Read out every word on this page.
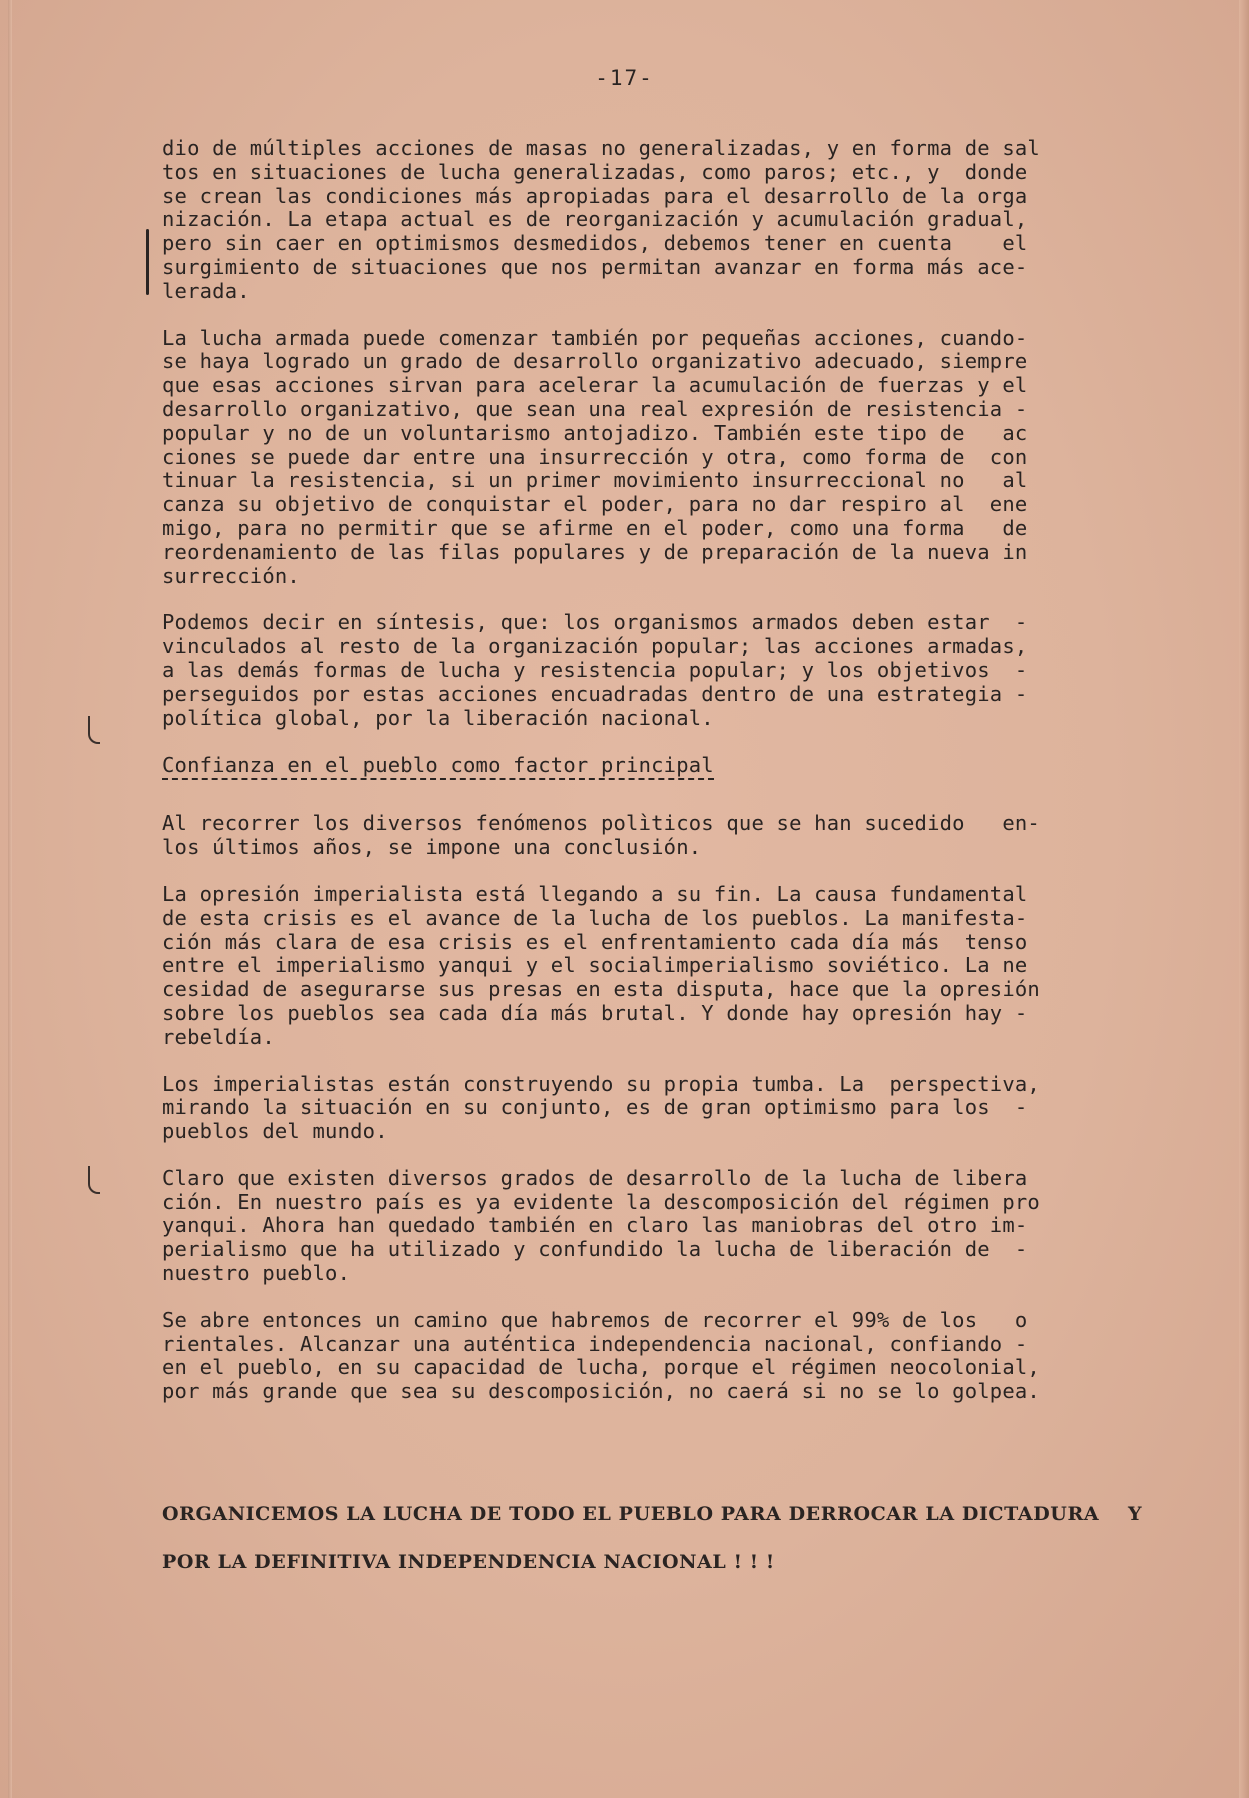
-17-
dio de múltiples acciones de masas no generalizadas, y en forma de sal
tos en situaciones de lucha generalizadas, como paros; etc., y  donde
se crean las condiciones más apropiadas para el desarrollo de la orga
nización. La etapa actual es de reorganización y acumulación gradual,
pero sin caer en optimismos desmedidos, debemos tener en cuenta    el
surgimiento de situaciones que nos permitan avanzar en forma más ace-
lerada.
La lucha armada puede comenzar también por pequeñas acciones, cuando-
se haya logrado un grado de desarrollo organizativo adecuado, siempre
que esas acciones sirvan para acelerar la acumulación de fuerzas y el
desarrollo organizativo, que sean una real expresión de resistencia -
popular y no de un voluntarismo antojadizo. También este tipo de   ac
ciones se puede dar entre una insurrección y otra, como forma de  con
tinuar la resistencia, si un primer movimiento insurreccional no   al
canza su objetivo de conquistar el poder, para no dar respiro al  ene
migo, para no permitir que se afirme en el poder, como una forma   de
reordenamiento de las filas populares y de preparación de la nueva in
surrección.
Podemos decir en síntesis, que: los organismos armados deben estar  -
vinculados al resto de la organización popular; las acciones armadas,
a las demás formas de lucha y resistencia popular; y los objetivos  -
perseguidos por estas acciones encuadradas dentro de una estrategia -
política global, por la liberación nacional.
Confianza en el pueblo como factor principal
Al recorrer los diversos fenómenos polìticos que se han sucedido   en-
los últimos años, se impone una conclusión.
La opresión imperialista está llegando a su fin. La causa fundamental
de esta crisis es el avance de la lucha de los pueblos. La manifesta-
ción más clara de esa crisis es el enfrentamiento cada día más  tenso
entre el imperialismo yanqui y el socialimperialismo soviético. La ne
cesidad de asegurarse sus presas en esta disputa, hace que la opresión
sobre los pueblos sea cada día más brutal. Y donde hay opresión hay -
rebeldía.
Los imperialistas están construyendo su propia tumba. La  perspectiva,
mirando la situación en su conjunto, es de gran optimismo para los  -
pueblos del mundo.
Claro que existen diversos grados de desarrollo de la lucha de libera
ción. En nuestro país es ya evidente la descomposición del régimen pro
yanqui. Ahora han quedado también en claro las maniobras del otro im-
perialismo que ha utilizado y confundido la lucha de liberación de  -
nuestro pueblo.
Se abre entonces un camino que habremos de recorrer el 99% de los   o
rientales. Alcanzar una auténtica independencia nacional, confiando -
en el pueblo, en su capacidad de lucha, porque el régimen neocolonial,
por más grande que sea su descomposición, no caerá si no se lo golpea.
ORGANICEMOS LA LUCHA DE TODO EL PUEBLO PARA DERROCAR LA DICTADURA    Y
POR LA DEFINITIVA INDEPENDENCIA NACIONAL ! ! !
